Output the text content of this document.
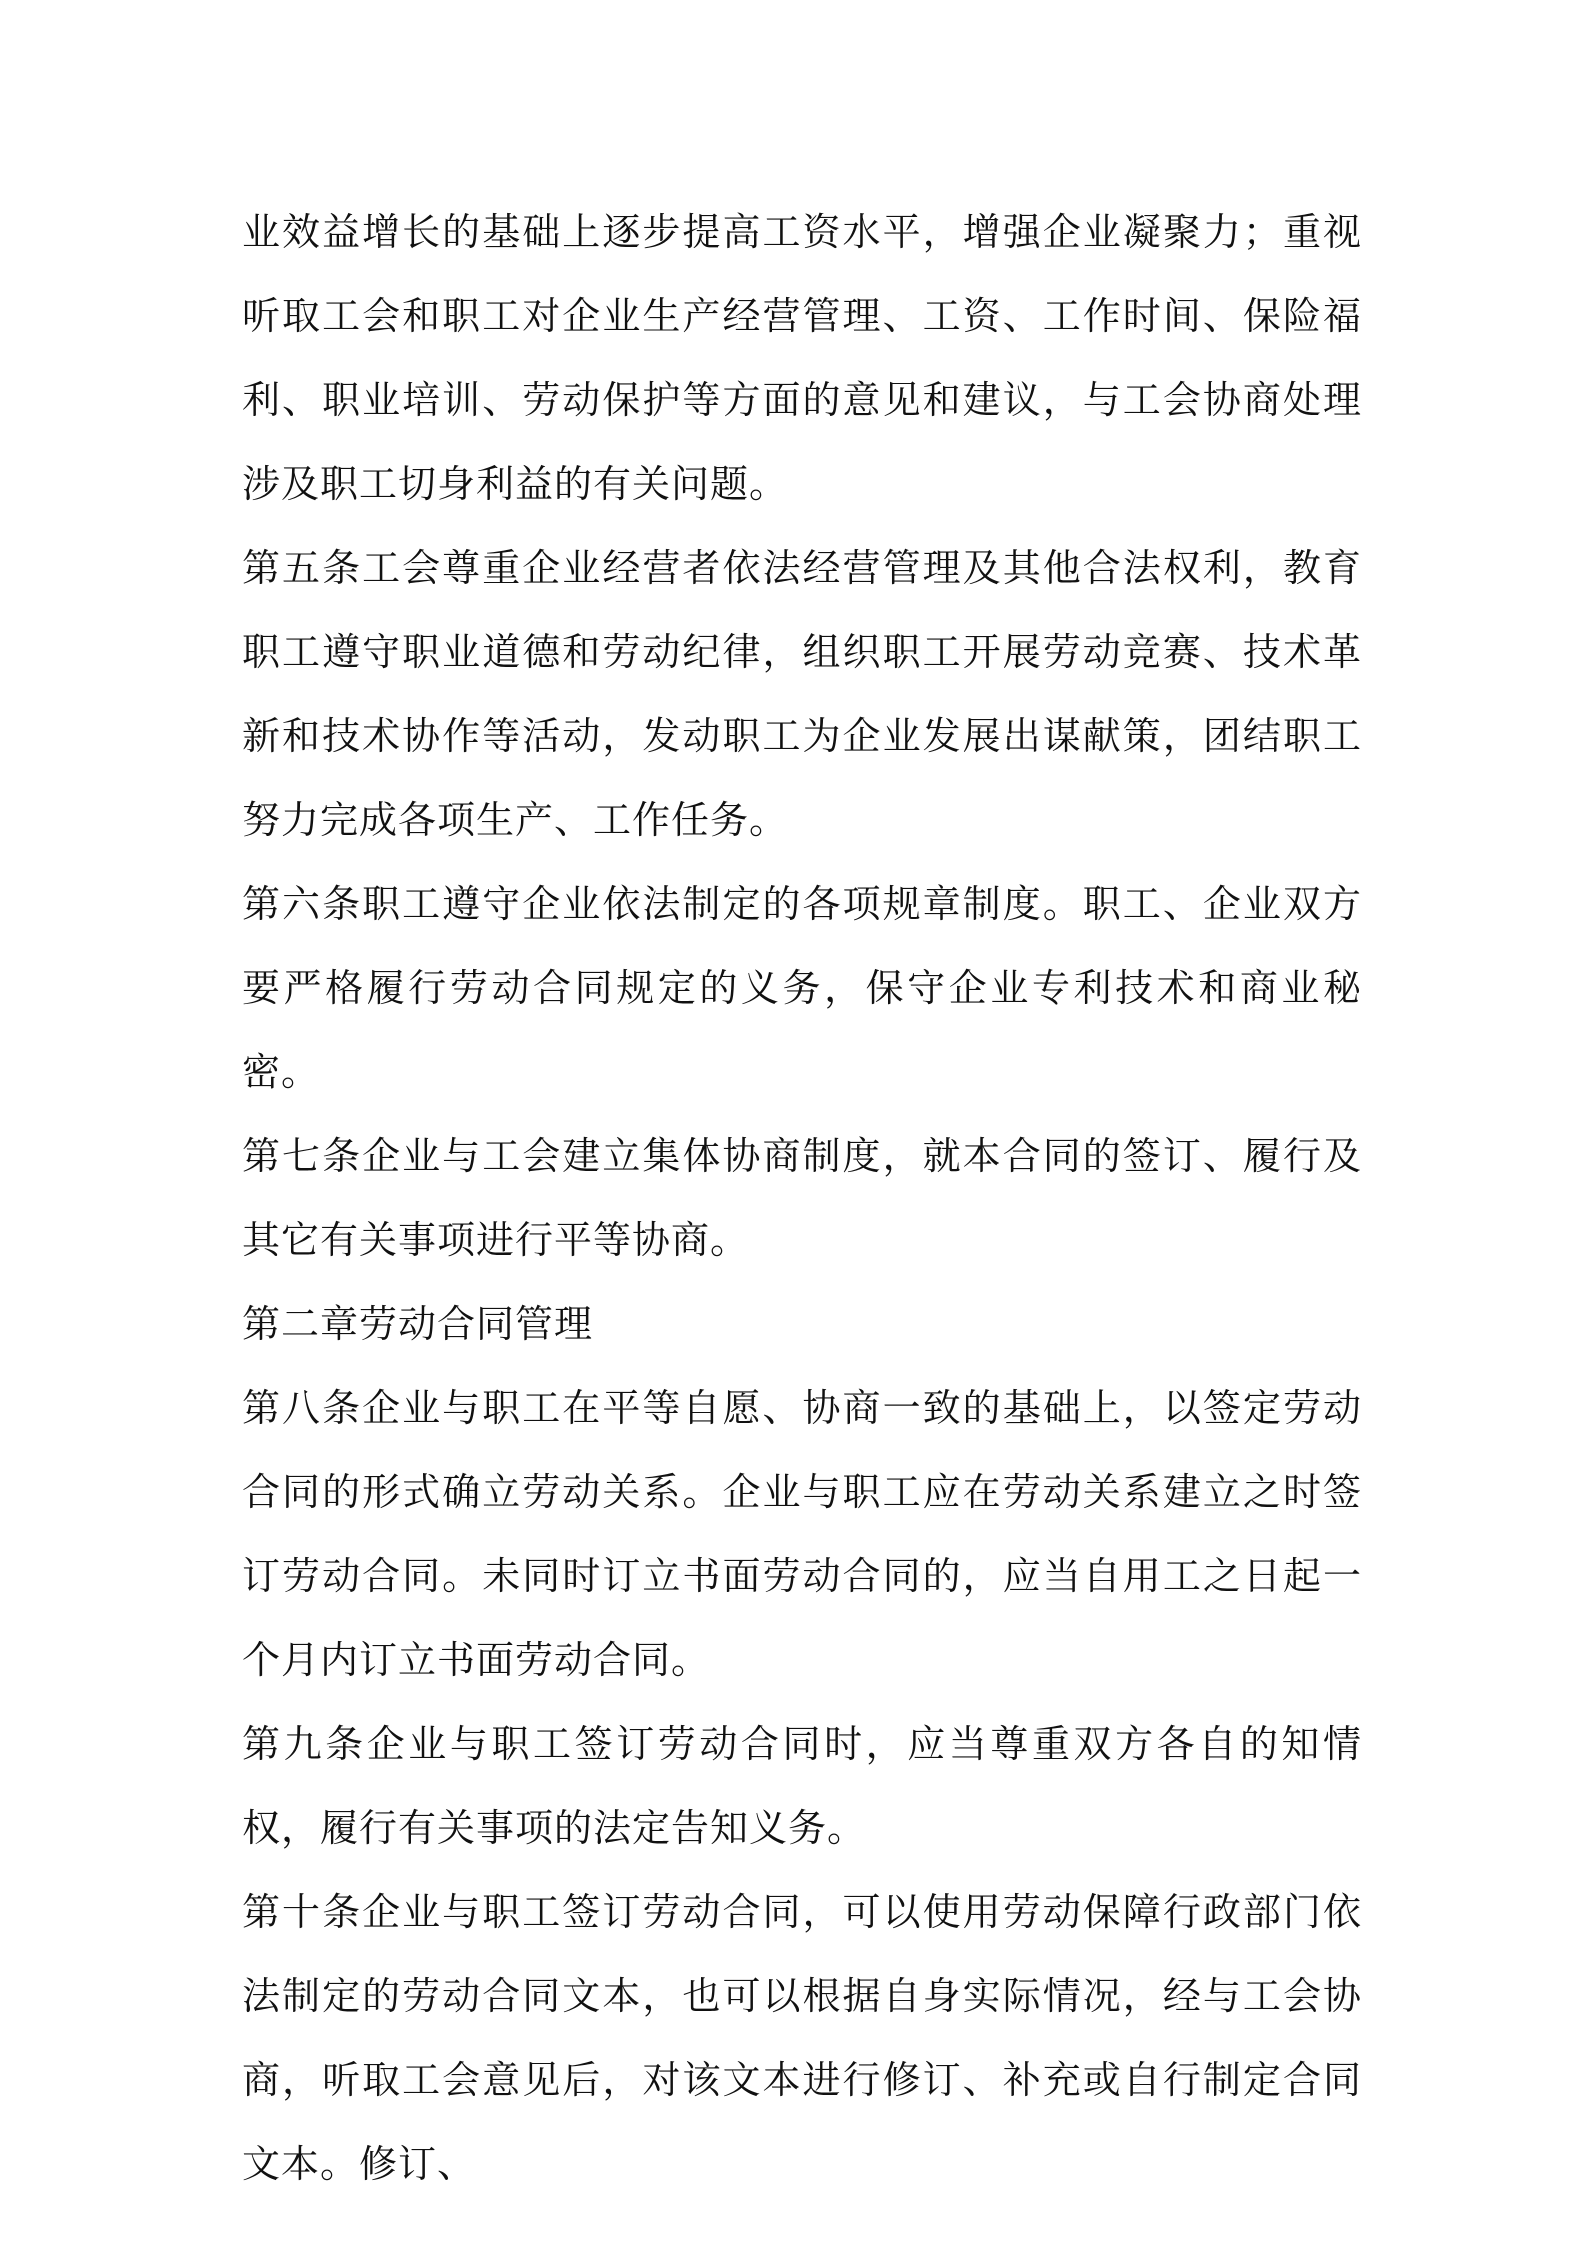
业效益增长的基础上逐步提高工资水平，增强企业凝聚力；重视听取工会和职工对企业生产经营管理、工资、工作时间、保险福利、职业培训、劳动保护等方面的意见和建议，与工会协商处理涉及职工切身利益的有关问题。

第五条工会尊重企业经营者依法经营管理及其他合法权利，教育职工遵守职业道德和劳动纪律，组织职工开展劳动竞赛、技术革新和技术协作等活动，发动职工为企业发展出谋献策，团结职工努力完成各项生产、工作任务。

第六条职工遵守企业依法制定的各项规章制度。职工、企业双方要严格履行劳动合同规定的义务，保守企业专利技术和商业秘密。

第七条企业与工会建立集体协商制度，就本合同的签订、履行及其它有关事项进行平等协商。

第二章劳动合同管理

第八条企业与职工在平等自愿、协商一致的基础上，以签定劳动合同的形式确立劳动关系。企业与职工应在劳动关系建立之时签订劳动合同。未同时订立书面劳动合同的，应当自用工之日起一个月内订立书面劳动合同。

第九条企业与职工签订劳动合同时，应当尊重双方各自的知情权，履行有关事项的法定告知义务。

第十条企业与职工签订劳动合同，可以使用劳动保障行政部门依法制定的劳动合同文本，也可以根据自身实际情况，经与工会协商，听取工会意见后，对该文本进行修订、补充或自行制定合同文本。修订、
